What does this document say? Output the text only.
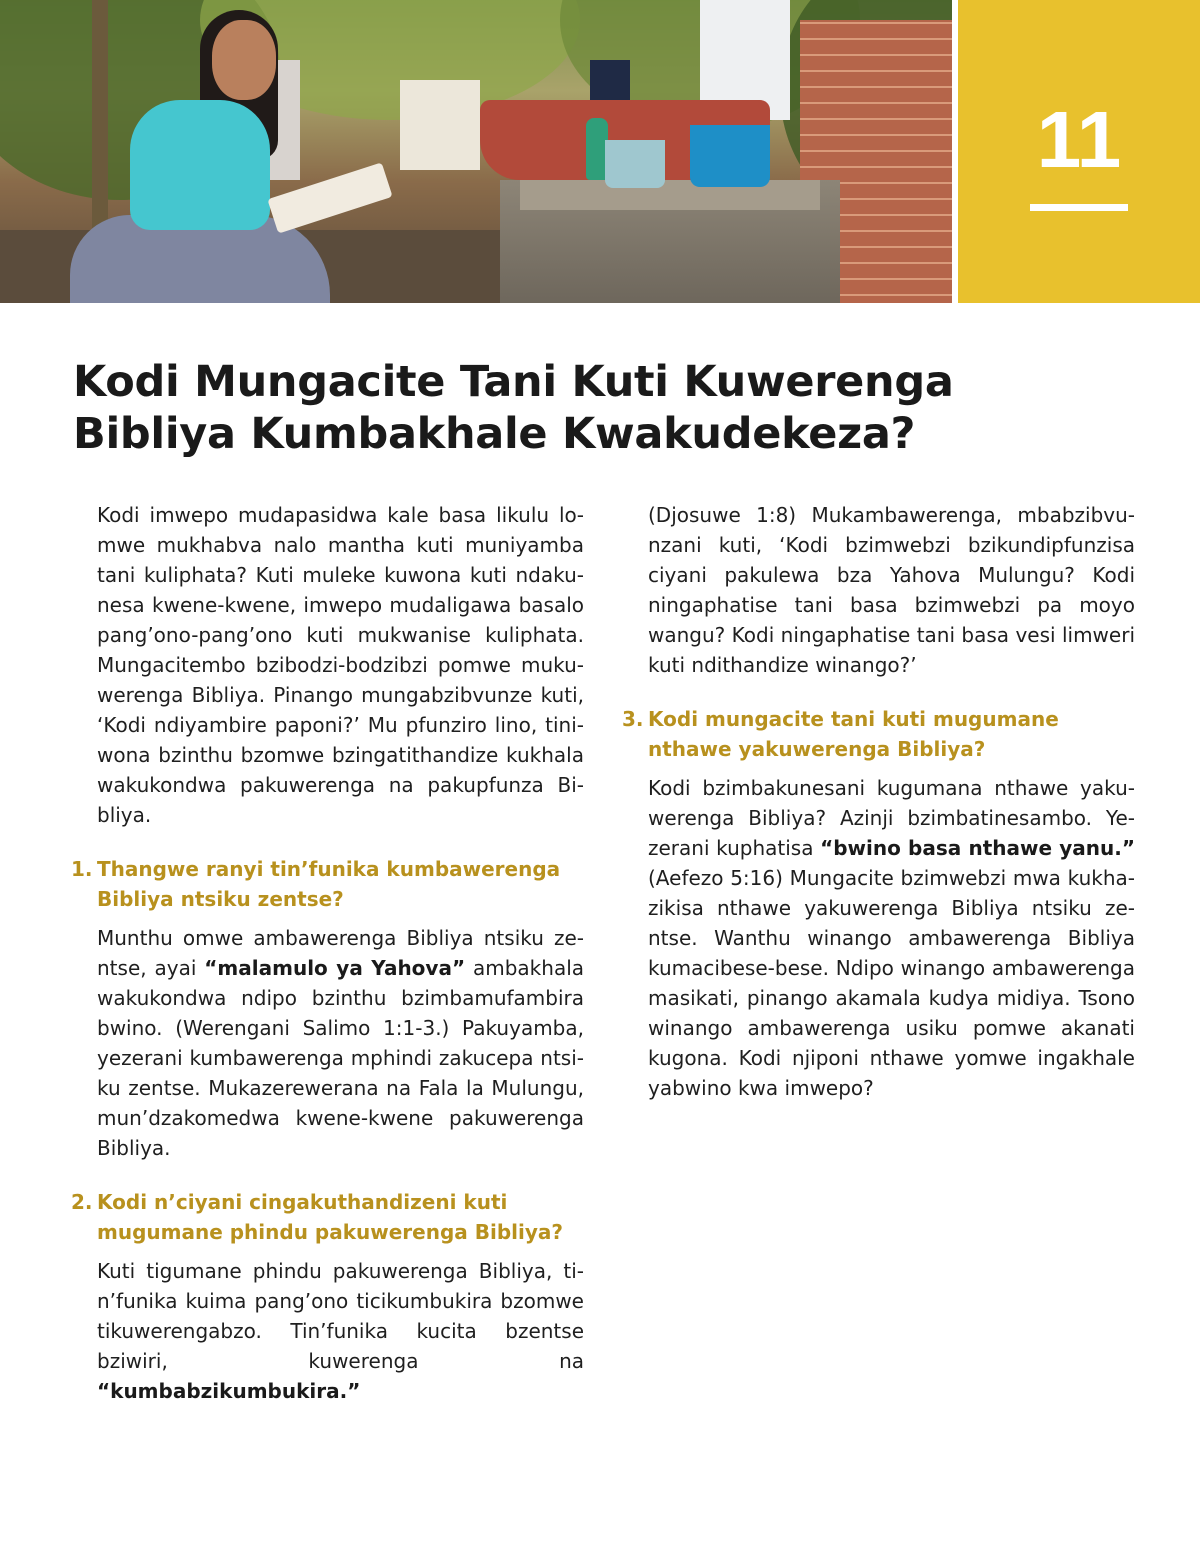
11
Kodi Mungacite Tani Kuti Kuwerenga
Bibliya Kumbakhale Kwakudekeza?

Kodi imwepo mudapasidwa kale basa likulu lomwe mukhabva nalo mantha kuti muniyamba tani kuliphata? Kuti muleke kuwona kuti ndakunesa kwene-kwene, imwepo mudaligawa basalo pang’ono-pang’ono kuti mukwanise kuliphata. Mungacitembo bzibodzi-bodzibzi pomwe mukuwerenga Bibliya. Pinango mungabzibvunze kuti, ‘Kodi ndiyambire paponi?’ Mu pfunziro lino, tiniwona bzinthu bzomwe bzingatithandize kukhala wakukondwa pakuwerenga na pakupfunza Bibliya.

1. Thangwe ranyi tin’funika kumbawerenga Bibliya ntsiku zentse?

Munthu omwe ambawerenga Bibliya ntsiku zentse, ayai “malamulo ya Yahova” ambakhala wakukondwa ndipo bzinthu bzimbamufambira bwino. (Werengani Salimo 1:1-3.) Pakuyamba, yezerani kumbawerenga mphindi zakucepa ntsiku zentse. Mukazerewerana na Fala la Mulungu, mun’dzakomedwa kwene-kwene pakuwerenga Bibliya.

2. Kodi n’ciyani cingakuthandizeni kuti mugumane phindu pakuwerenga Bibliya?

Kuti tigumane phindu pakuwerenga Bibliya, tin’funika kuima pang’ono ticikumbukira bzomwe tikuwerengabzo. Tin’funika kucita bzentse bziwiri, kuwerenga na “kumbabzikumbukira.”

(Djosuwe 1:8) Mukambawerenga, mbabzibvunzani kuti, ‘Kodi bzimwebzi bzikundipfunzisa ciyani pakulewa bza Yahova Mulungu? Kodi ningaphatise tani basa bzimwebzi pa moyo wangu? Kodi ningaphatise tani basa vesi limweri kuti ndithandize winango?’

3. Kodi mungacite tani kuti mugumane nthawe yakuwerenga Bibliya?

Kodi bzimbakunesani kugumana nthawe yakuwerenga Bibliya? Azinji bzimbatinesambo. Yezerani kuphatisa “bwino basa nthawe yanu.” (Aefezo 5:16) Mungacite bzimwebzi mwa kukhazikisa nthawe yakuwerenga Bibliya ntsiku zentse. Wanthu winango ambawerenga Bibliya kumacibese-bese. Ndipo winango ambawerenga masikati, pinango akamala kudya midiya. Tsono winango ambawerenga usiku pomwe akanati kugona. Kodi njiponi nthawe yomwe ingakhale yabwino kwa imwepo?
